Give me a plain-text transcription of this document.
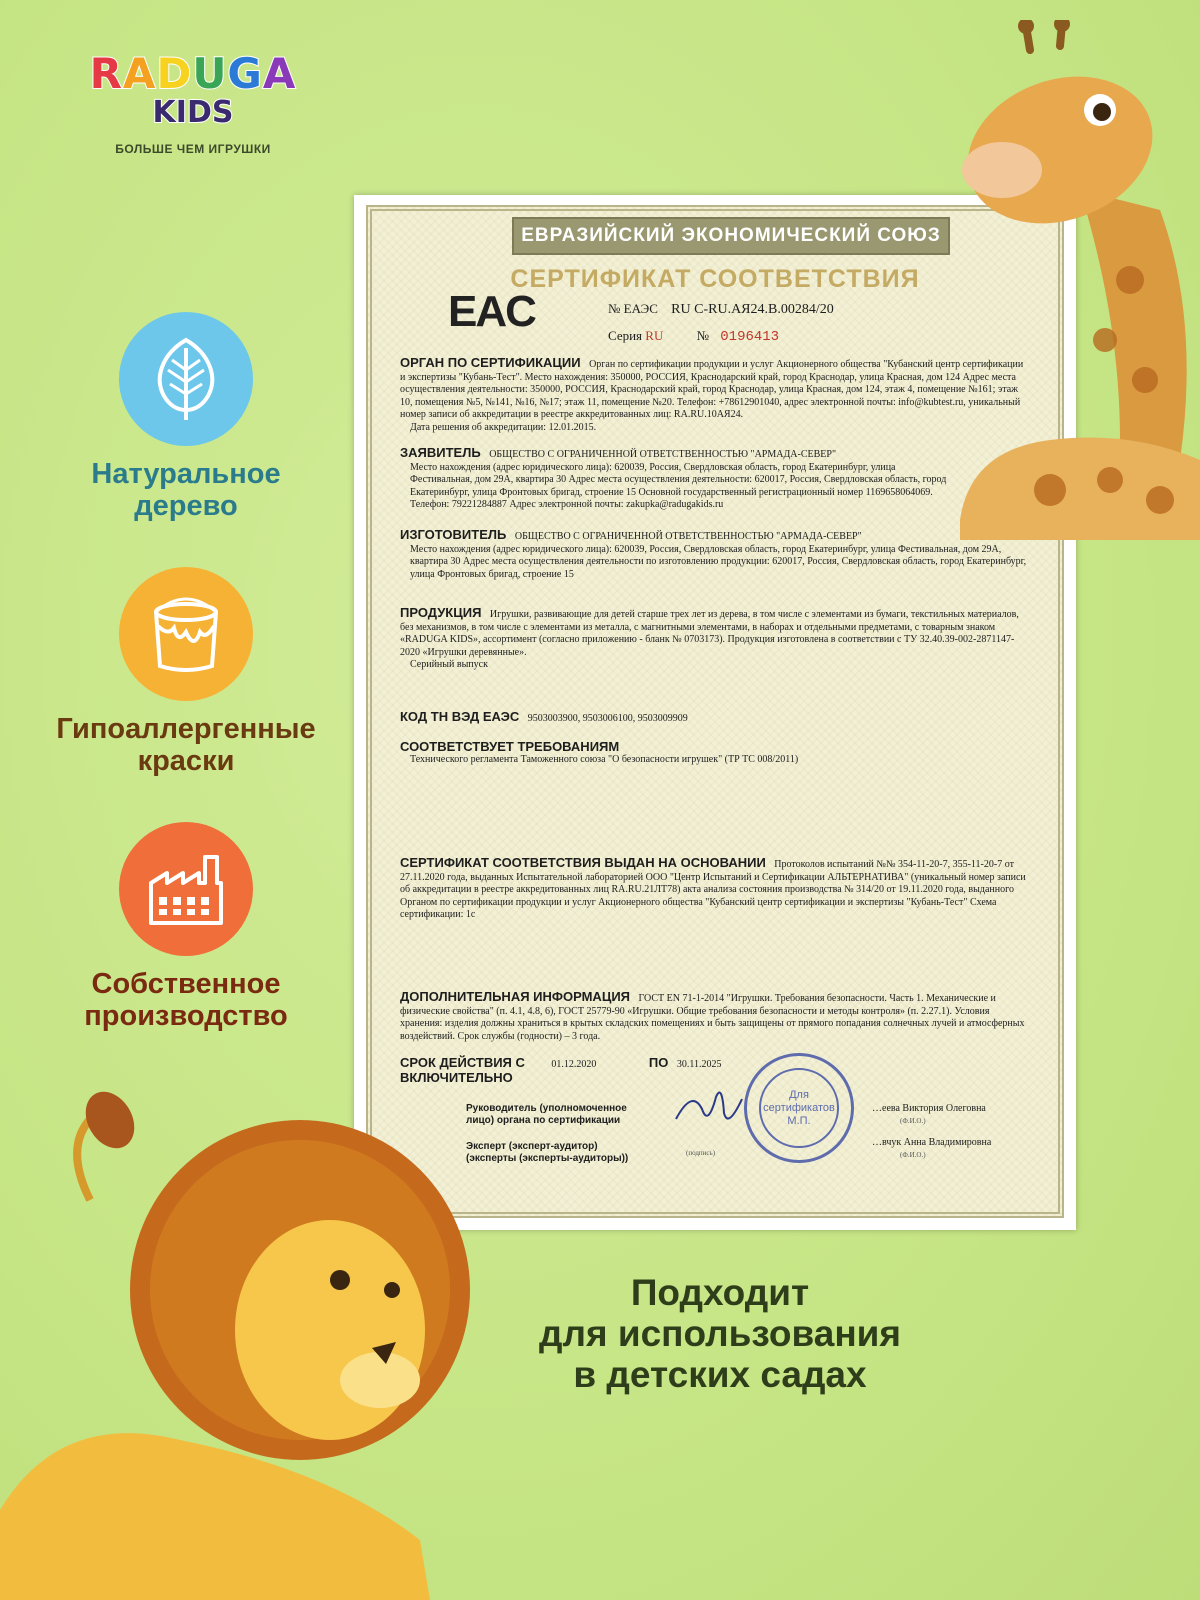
RADUGA
KIDS
БОЛЬШЕ ЧЕМ ИГРУШКИ
Натуральное
дерево
Гипоаллергенные
краски
Собственное
производство
ЕВРАЗИЙСКИЙ ЭКОНОМИЧЕСКИЙ СОЮЗ
СЕРТИФИКАТ СООТВЕТСТВИЯ
EAC	№ ЕАЭС RU C-RU.АЯ24.В.00284/20
Серия RU	№ 0196413
ОРГАН ПО СЕРТИФИКАЦИИ Орган по сертификации продукции и услуг Акционерного общества "Кубанский центр сертификации и экспертизы "Кубань-Тест". Место нахождения: 350000, РОССИЯ, Краснодарский край, город Краснодар, улица Красная, дом 124 Адрес места осуществления деятельности: 350000, РОССИЯ, Краснодарский край, город Краснодар, улица Красная, дом 124, этаж 4, помещение №161; этаж 10, помещения №5, №141, №16, №17; этаж 11, помещение №20. Телефон: +78612901040, адрес электронной почты: info@kubtest.ru, уникальный номер записи об аккредитации в реестре аккредитованных лиц: RA.RU.10АЯ24.
Дата решения об аккредитации: 12.01.2015.
ЗАЯВИТЕЛЬ ОБЩЕСТВО С ОГРАНИЧЕННОЙ ОТВЕТСТВЕННОСТЬЮ "АРМАДА-СЕВЕР"
Место нахождения (адрес юридического лица): 620039, Россия, Свердловская область, город Екатеринбург, улица Фестивальная, дом 29А, квартира 30 Адрес места осуществления деятельности: 620017, Россия, Свердловская область, город Екатеринбург, улица Фронтовых бригад, строение 15 Основной государственный регистрационный номер 1169658064069. Телефон: 79221284887 Адрес электронной почты: zakupka@radugakids.ru
ИЗГОТОВИТЕЛЬ ОБЩЕСТВО С ОГРАНИЧЕННОЙ ОТВЕТСТВЕННОСТЬЮ "АРМАДА-СЕВЕР"
Место нахождения (адрес юридического лица): 620039, Россия, Свердловская область, город Екатеринбург, улица Фестивальная, дом 29А, квартира 30 Адрес места осуществления деятельности по изготовлению продукции: 620017, Россия, Свердловская область, город Екатеринбург, улица Фронтовых бригад, строение 15
ПРОДУКЦИЯ Игрушки, развивающие для детей старше трех лет из дерева, в том числе с элементами из бумаги, текстильных материалов, без механизмов, в том числе с элементами из металла, с магнитными элементами, в наборах и отдельными предметами, с товарным знаком «RADUGA KIDS», ассортимент (согласно приложению - бланк № 0703173). Продукция изготовлена в соответствии с ТУ 32.40.39-002-2871147-2020 «Игрушки деревянные».
Серийный выпуск
КОД ТН ВЭД ЕАЭС 9503003900, 9503006100, 9503009909
СООТВЕТСТВУЕТ ТРЕБОВАНИЯМ
Технического регламента Таможенного союза "О безопасности игрушек" (ТР ТС 008/2011)
СЕРТИФИКАТ СООТВЕТСТВИЯ ВЫДАН НА ОСНОВАНИИ Протоколов испытаний №№ 354-11-20-7, 355-11-20-7 от 27.11.2020 года, выданных Испытательной лабораторией ООО "Центр Испытаний и Сертификации АЛЬТЕРНАТИВА" (уникальный номер записи об аккредитации в реестре аккредитованных лиц RA.RU.21ЛТ78) акта анализа состояния производства № 314/20 от 19.11.2020 года, выданного Органом по сертификации продукции и услуг Акционерного общества "Кубанский центр сертификации и экспертизы "Кубань-Тест" Схема сертификации: 1с
ДОПОЛНИТЕЛЬНАЯ ИНФОРМАЦИЯ ГОСТ EN 71-1-2014 "Игрушки. Требования безопасности. Часть 1. Механические и физические свойства" (п. 4.1, 4.8, 6), ГОСТ 25779-90 «Игрушки. Общие требования безопасности и методы контроля» (п. 2.27.1). Условия хранения: изделия должны храниться в крытых складских помещениях и быть защищены от прямого попадания солнечных лучей и атмосферных воздействий. Срок службы (годности) – 3 года.
СРОК ДЕЙСТВИЯ С	01.12.2020	ПО 30.11.2025
ВКЛЮЧИТЕЛЬНО
Руководитель (уполномоченное
лицо) органа по сертификации
…еева Виктория Олеговна
(Ф.И.О.)
Эксперт (эксперт-аудитор)
(эксперты (эксперты-аудиторы))
…вчук Анна Владимировна
(Ф.И.О.)
(подпись)
Для
сертификатов
М.П.
Подходит
для использования
в детских садах
